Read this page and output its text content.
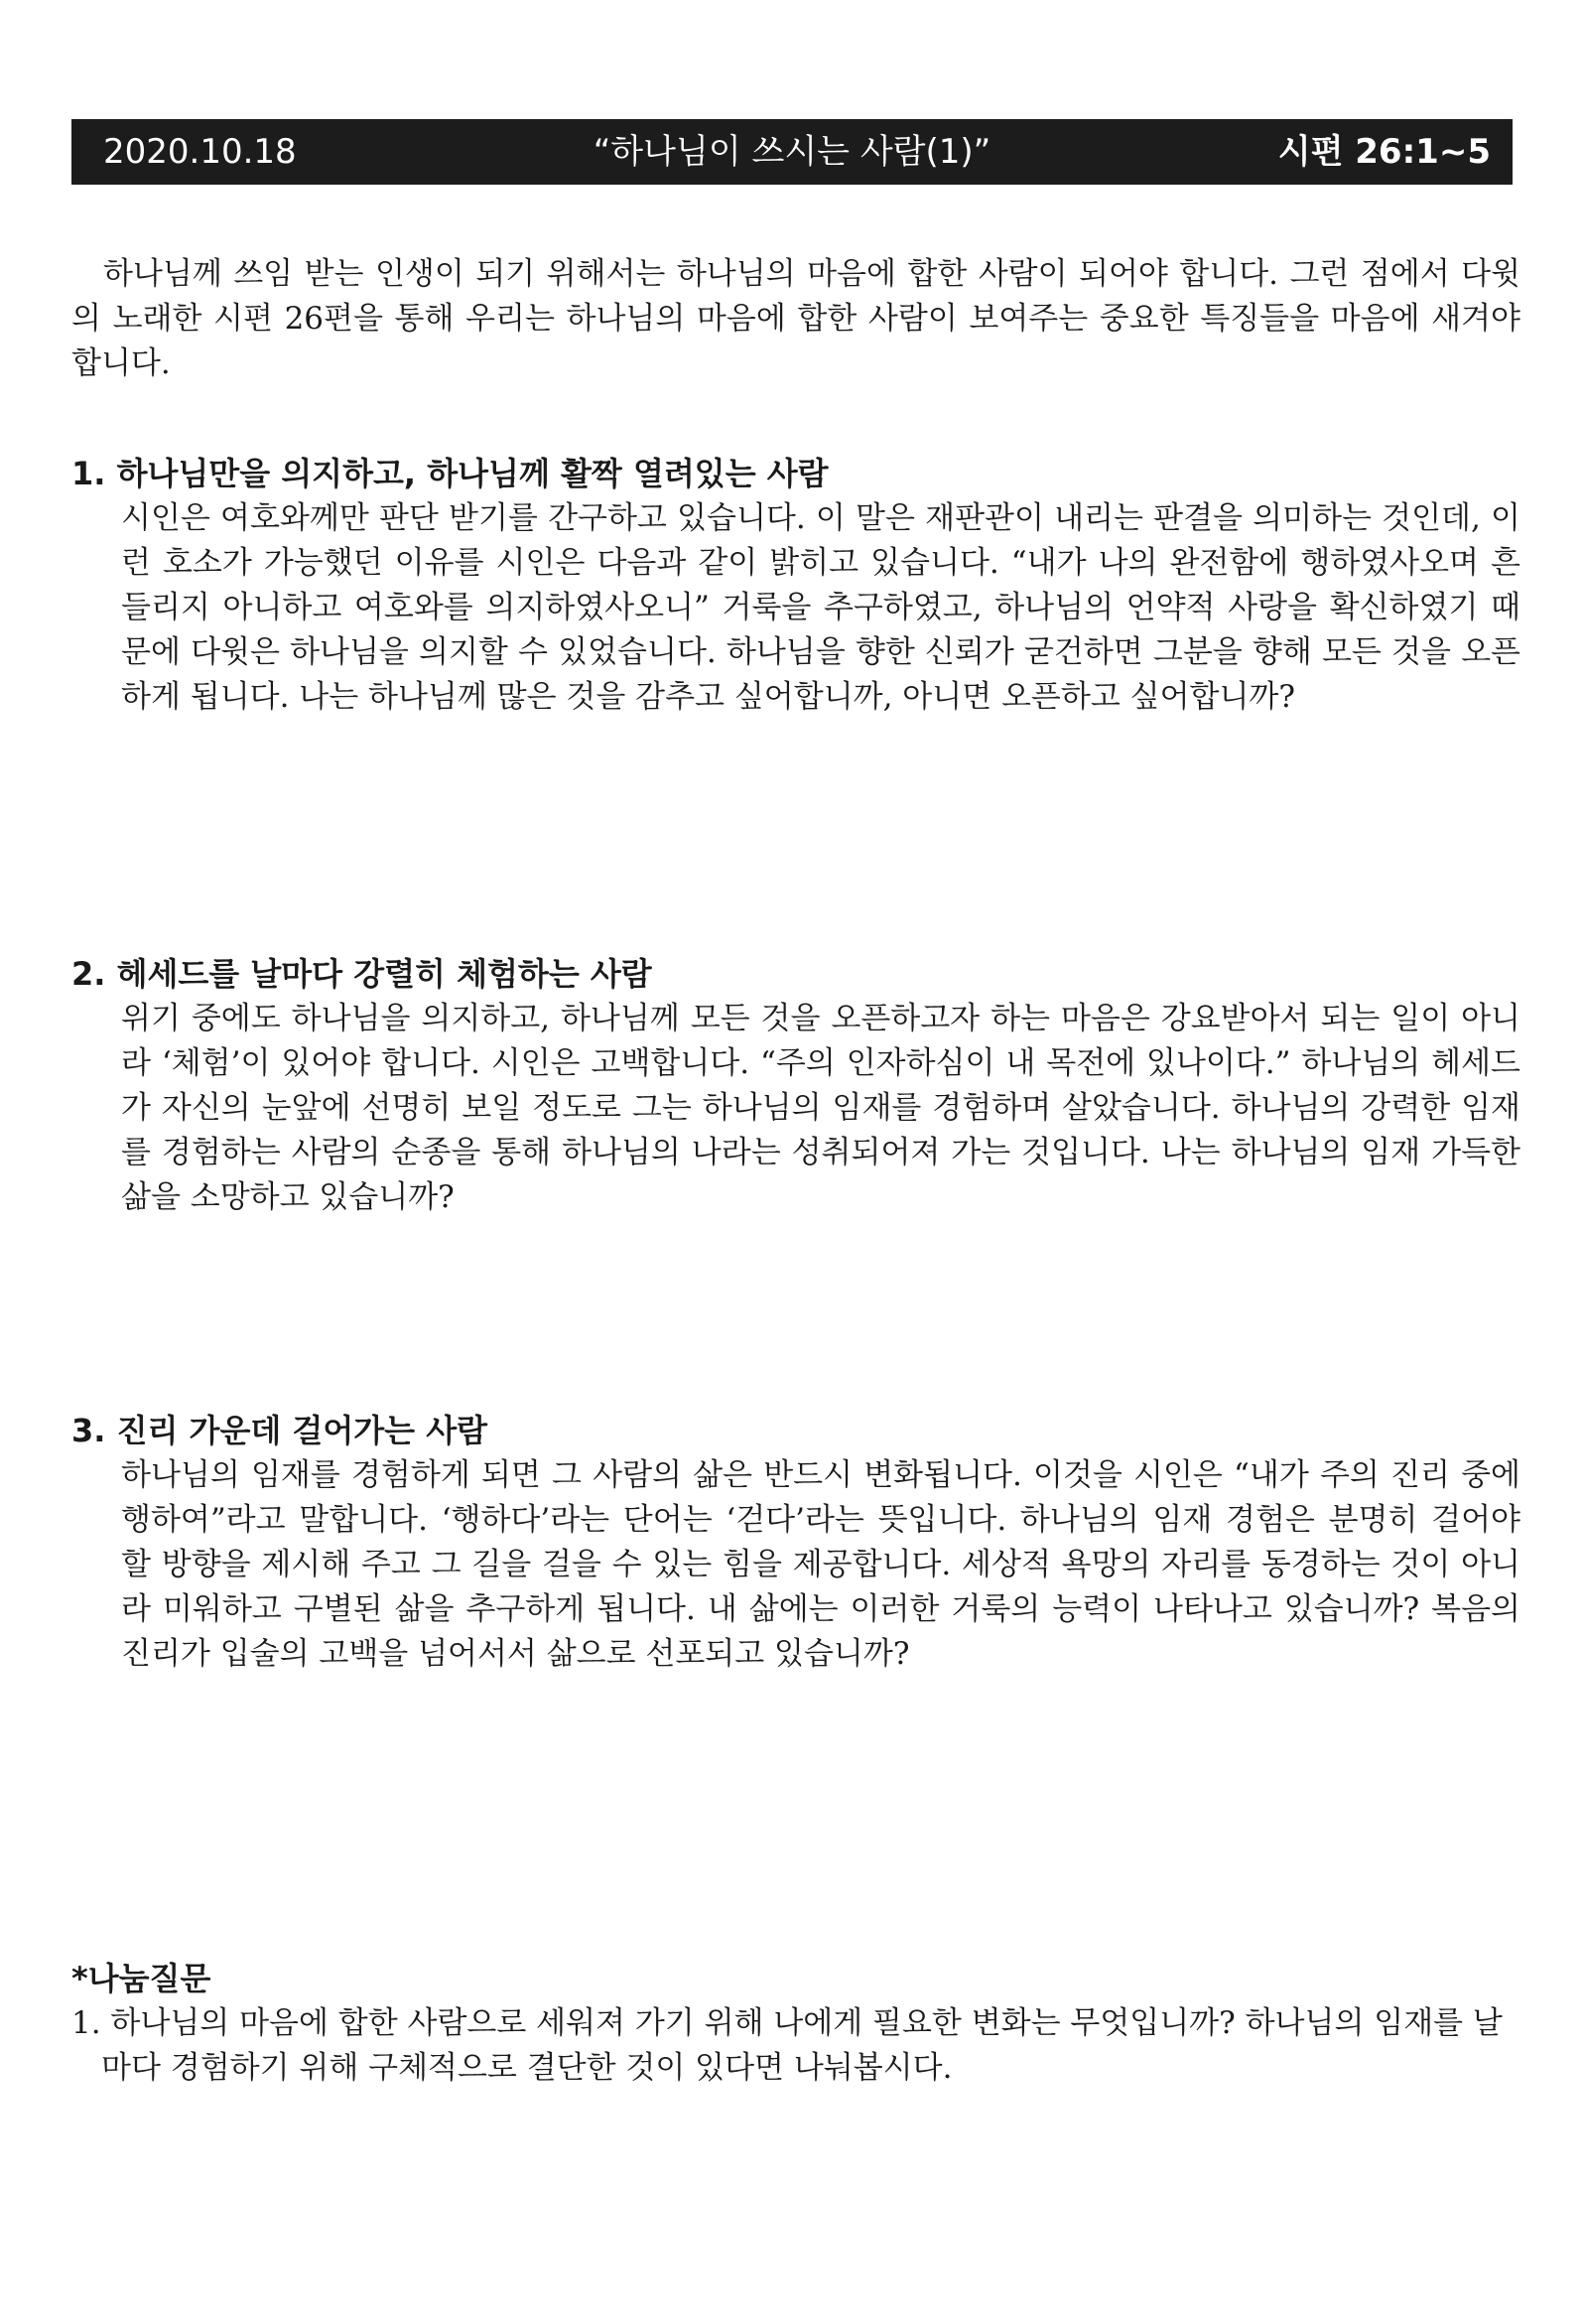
2020.10.18	“하나님이 쓰시는 사람(1)”	시편 26:1~5

하나님께 쓰임 받는 인생이 되기 위해서는 하나님의 마음에 합한 사람이 되어야 합니다. 그런 점에서 다윗의 노래한 시편 26편을 통해 우리는 하나님의 마음에 합한 사람이 보여주는 중요한 특징들을 마음에 새겨야 합니다.

1. 하나님만을 의지하고, 하나님께 활짝 열려있는 사람

시인은 여호와께만 판단 받기를 간구하고 있습니다. 이 말은 재판관이 내리는 판결을 의미하는 것인데, 이런 호소가 가능했던 이유를 시인은 다음과 같이 밝히고 있습니다. “내가 나의 완전함에 행하였사오며 흔들리지 아니하고 여호와를 의지하였사오니” 거룩을 추구하였고, 하나님의 언약적 사랑을 확신하였기 때문에 다윗은 하나님을 의지할 수 있었습니다. 하나님을 향한 신뢰가 굳건하면 그분을 향해 모든 것을 오픈하게 됩니다. 나는 하나님께 많은 것을 감추고 싶어합니까, 아니면 오픈하고 싶어합니까?

2. 헤세드를 날마다 강렬히 체험하는 사람

위기 중에도 하나님을 의지하고, 하나님께 모든 것을 오픈하고자 하는 마음은 강요받아서 되는 일이 아니라 ‘체험’이 있어야 합니다. 시인은 고백합니다. “주의 인자하심이 내 목전에 있나이다.” 하나님의 헤세드가 자신의 눈앞에 선명히 보일 정도로 그는 하나님의 임재를 경험하며 살았습니다. 하나님의 강력한 임재를 경험하는 사람의 순종을 통해 하나님의 나라는 성취되어져 가는 것입니다. 나는 하나님의 임재 가득한 삶을 소망하고 있습니까?

3. 진리 가운데 걸어가는 사람

하나님의 임재를 경험하게 되면 그 사람의 삶은 반드시 변화됩니다. 이것을 시인은 “내가 주의 진리 중에 행하여”라고 말합니다. ‘행하다’라는 단어는 ‘걷다’라는 뜻입니다. 하나님의 임재 경험은 분명히 걸어야 할 방향을 제시해 주고 그 길을 걸을 수 있는 힘을 제공합니다. 세상적 욕망의 자리를 동경하는 것이 아니라 미워하고 구별된 삶을 추구하게 됩니다. 내 삶에는 이러한 거룩의 능력이 나타나고 있습니까? 복음의 진리가 입술의 고백을 넘어서서 삶으로 선포되고 있습니까?

*나눔질문

1. 하나님의 마음에 합한 사람으로 세워져 가기 위해 나에게 필요한 변화는 무엇입니까? 하나님의 임재를 날마다 경험하기 위해 구체적으로 결단한 것이 있다면 나눠봅시다.
